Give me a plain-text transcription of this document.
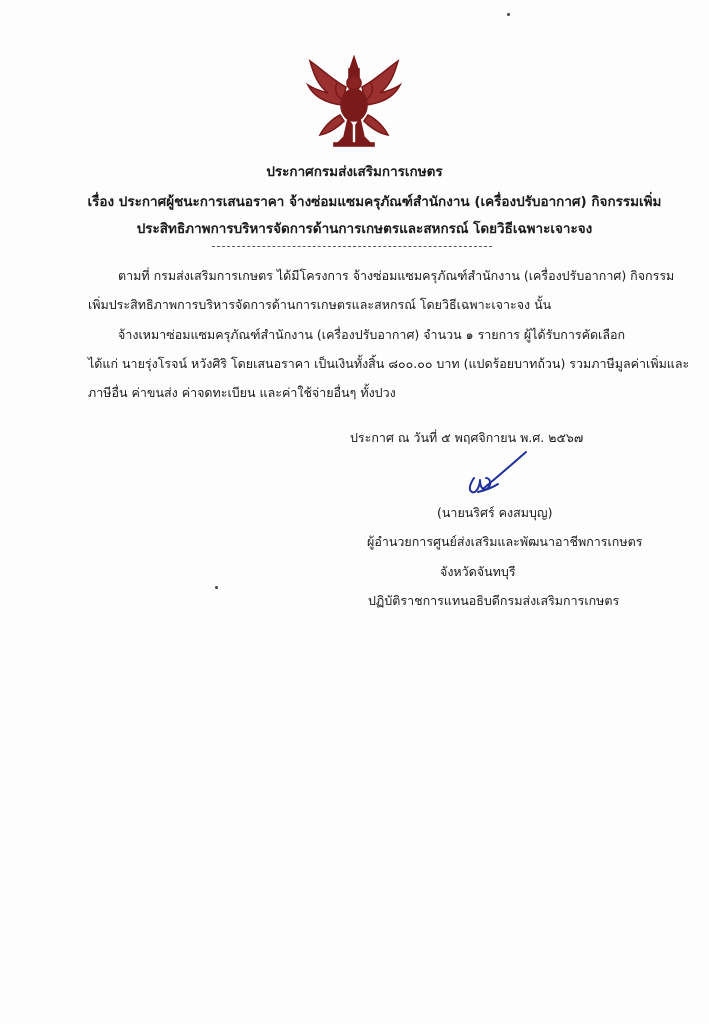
ประกาศกรมส่งเสริมการเกษตร
เรื่อง ประกาศผู้ชนะการเสนอราคา จ้างซ่อมแซมครุภัณฑ์สำนักงาน (เครื่องปรับอากาศ) กิจกรรมเพิ่ม
ประสิทธิภาพการบริหารจัดการด้านการเกษตรและสหกรณ์ โดยวิธีเฉพาะเจาะจง
ตามที่ กรมส่งเสริมการเกษตร ได้มีโครงการ จ้างซ่อมแซมครุภัณฑ์สำนักงาน (เครื่องปรับอากาศ) กิจกรรม
เพิ่มประสิทธิภาพการบริหารจัดการด้านการเกษตรและสหกรณ์ โดยวิธีเฉพาะเจาะจง นั้น
จ้างเหมาซ่อมแซมครุภัณฑ์สำนักงาน (เครื่องปรับอากาศ) จำนวน ๑ รายการ ผู้ได้รับการคัดเลือก
ได้แก่ นายรุ่งโรจน์ หวังศิริ โดยเสนอราคา เป็นเงินทั้งสิ้น ๘๐๐.๐๐ บาท (แปดร้อยบาทถ้วน) รวมภาษีมูลค่าเพิ่มและ
ภาษีอื่น ค่าขนส่ง ค่าจดทะเบียน และค่าใช้จ่ายอื่นๆ ทั้งปวง
ประกาศ ณ วันที่ ๕ พฤศจิกายน พ.ศ. ๒๕๖๗
(นายนริศร์ คงสมบุญ)
ผู้อำนวยการศูนย์ส่งเสริมและพัฒนาอาชีพการเกษตร
จังหวัดจันทบุรี
ปฏิบัติราชการแทนอธิบดีกรมส่งเสริมการเกษตร
